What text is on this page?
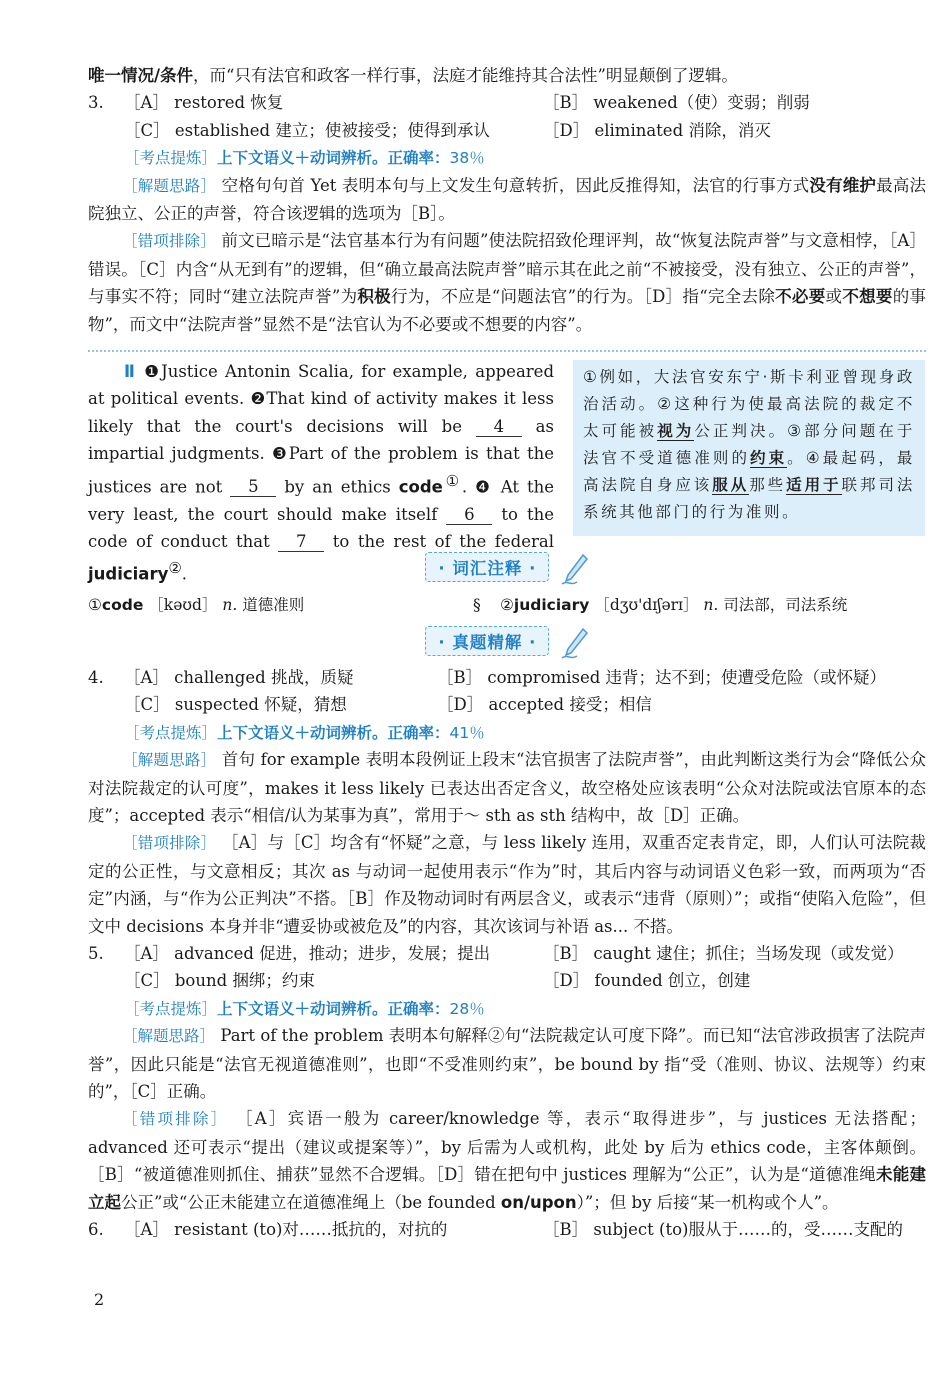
唯一情况/条件，而“只有法官和政客一样行事，法庭才能维持其合法性”明显颠倒了逻辑。
3. ［A］ restored 恢复	［B］ weakened（使）变弱；削弱
［C］ established 建立；使被接受；使得到承认	［D］ eliminated 消除，消灭
［考点提炼］上下文语义＋动词辨析。正确率：38％
［解题思路］ 空格句句首 Yet 表明本句与上文发生句意转折，因此反推得知，法官的行事方式没有维护最高法院独立、公正的声誉，符合该逻辑的选项为［B］。
［错项排除］ 前文已暗示是“法官基本行为有问题”使法院招致伦理评判，故“恢复法院声誉”与文意相悖，［A］错误。［C］内含“从无到有”的逻辑，但“确立最高法院声誉”暗示其在此之前“不被接受，没有独立、公正的声誉”，与事实不符；同时“建立法院声誉”为积极行为，不应是“问题法官”的行为。［D］指“完全去除不必要或不想要的事物”，而文中“法院声誉”显然不是“法官认为不必要或不想要的内容”。
Ⅱ ❶Justice Antonin Scalia, for example, appeared at political events. ❷That kind of activity makes it less likely that the court's decisions will be 4 as impartial judgments. ❸Part of the problem is that the justices are not 5 by an ethics code①. ❹ At the very least, the court should make itself 6 to the code of conduct that 7 to the rest of the federal judiciary②.
①例如，大法官安东宁·斯卡利亚曾现身政治活动。②这种行为使最高法院的裁定不太可能被视为公正判决。③部分问题在于法官不受道德准则的约束。④最起码，最高法院自身应该服从那些适用于联邦司法系统其他部门的行为准则。
· 词汇注释 ·
①code ［kəʊd］ n. 道德准则	§ ②judiciary ［dʒʊ'dɪʃərɪ］ n. 司法部，司法系统
· 真题精解 ·
4. ［A］ challenged 挑战，质疑	［B］ compromised 违背；达不到；使遭受危险（或怀疑）
［C］ suspected 怀疑，猜想	［D］ accepted 接受；相信
［考点提炼］上下文语义＋动词辨析。正确率：41％
［解题思路］ 首句 for example 表明本段例证上段末“法官损害了法院声誉”，由此判断这类行为会“降低公众对法院裁定的认可度”，makes it less likely 已表达出否定含义，故空格处应该表明“公众对法院或法官原本的态度”；accepted 表示“相信/认为某事为真”，常用于～ sth as sth 结构中，故［D］正确。
［错项排除］ ［A］与［C］均含有“怀疑”之意，与 less likely 连用，双重否定表肯定，即，人们认可法院裁定的公正性，与文意相反；其次 as 与动词一起使用表示“作为”时，其后内容与动词语义色彩一致，而两项为“否定”内涵，与“作为公正判决”不搭。［B］作及物动词时有两层含义，或表示“违背（原则）”；或指“使陷入危险”，但文中 decisions 本身并非“遭妥协或被危及”的内容，其次该词与补语 as... 不搭。
5. ［A］ advanced 促进，推动；进步，发展；提出	［B］ caught 逮住；抓住；当场发现（或发觉）
［C］ bound 捆绑；约束	［D］ founded 创立，创建
［考点提炼］上下文语义＋动词辨析。正确率：28％
［解题思路］ Part of the problem 表明本句解释②句“法院裁定认可度下降”。而已知“法官涉政损害了法院声誉”，因此只能是“法官无视道德准则”，也即“不受准则约束”，be bound by 指“受（准则、协议、法规等）约束的”，［C］正确。
［错项排除］ ［A］宾语一般为 career/knowledge 等，表示“取得进步”，与 justices 无法搭配；advanced 还可表示“提出（建议或提案等）”，by 后需为人或机构，此处 by 后为 ethics code，主客体颠倒。［B］“被道德准则抓住、捕获”显然不合逻辑。［D］错在把句中 justices 理解为“公正”，认为是“道德准绳未能建立起公正”或“公正未能建立在道德准绳上（be founded on/upon）”；但 by 后接“某一机构或个人”。
6. ［A］ resistant (to)对……抵抗的，对抗的	［B］ subject (to)服从于……的，受……支配的
2
